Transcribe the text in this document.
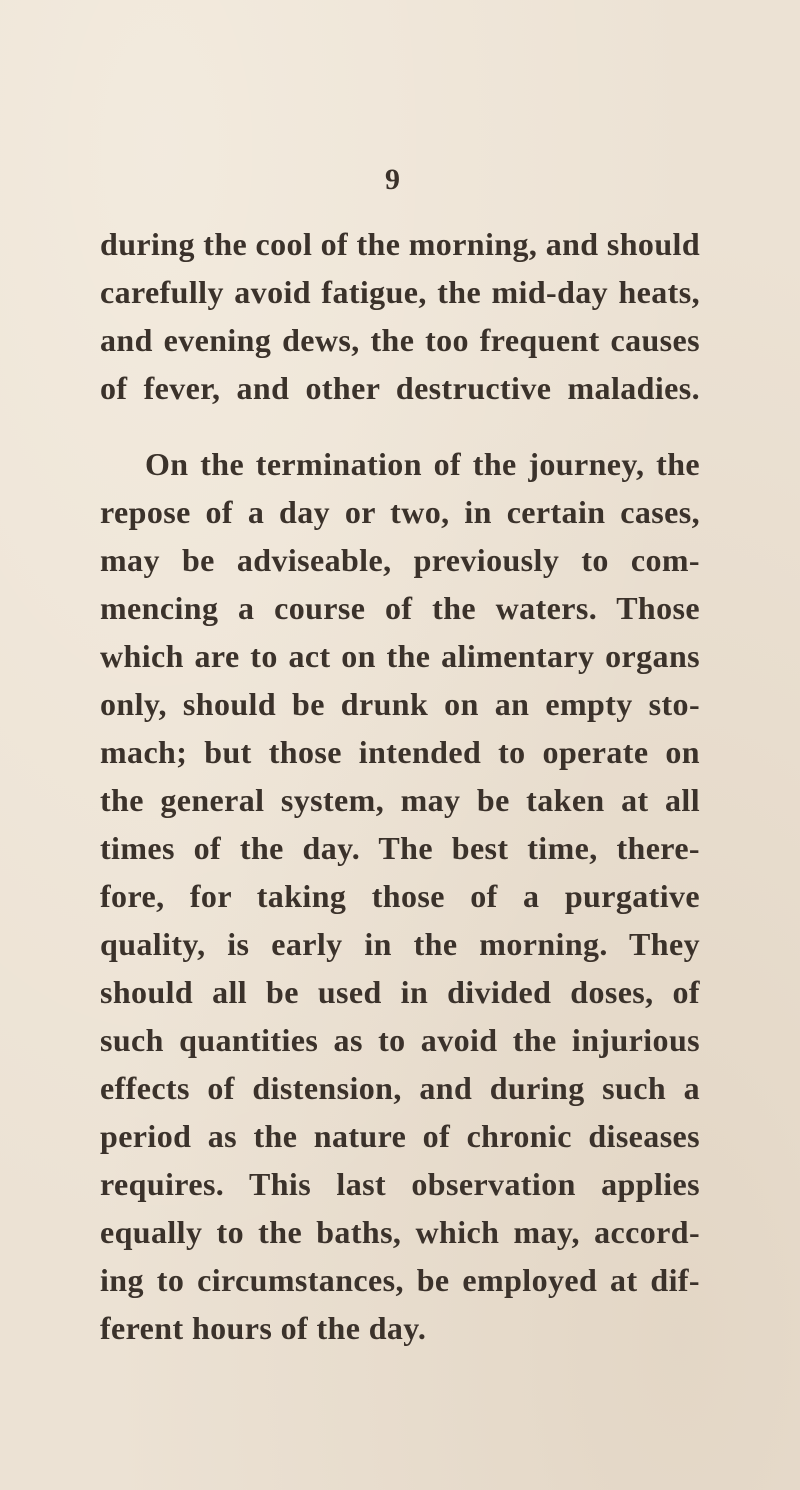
9
during the cool of the morning, and should
carefully avoid fatigue, the mid-day heats,
and evening dews, the too frequent causes
of fever, and other destructive maladies.
On the termination of the journey, the
repose of a day or two, in certain cases,
may be adviseable, previously to com-
mencing a course of the waters. Those
which are to act on the alimentary organs
only, should be drunk on an empty sto-
mach; but those intended to operate on
the general system, may be taken at all
times of the day. The best time, there-
fore, for taking those of a purgative
quality, is early in the morning. They
should all be used in divided doses, of
such quantities as to avoid the injurious
effects of distension, and during such a
period as the nature of chronic diseases
requires. This last observation applies
equally to the baths, which may, accord-
ing to circumstances, be employed at dif-
ferent hours of the day.
